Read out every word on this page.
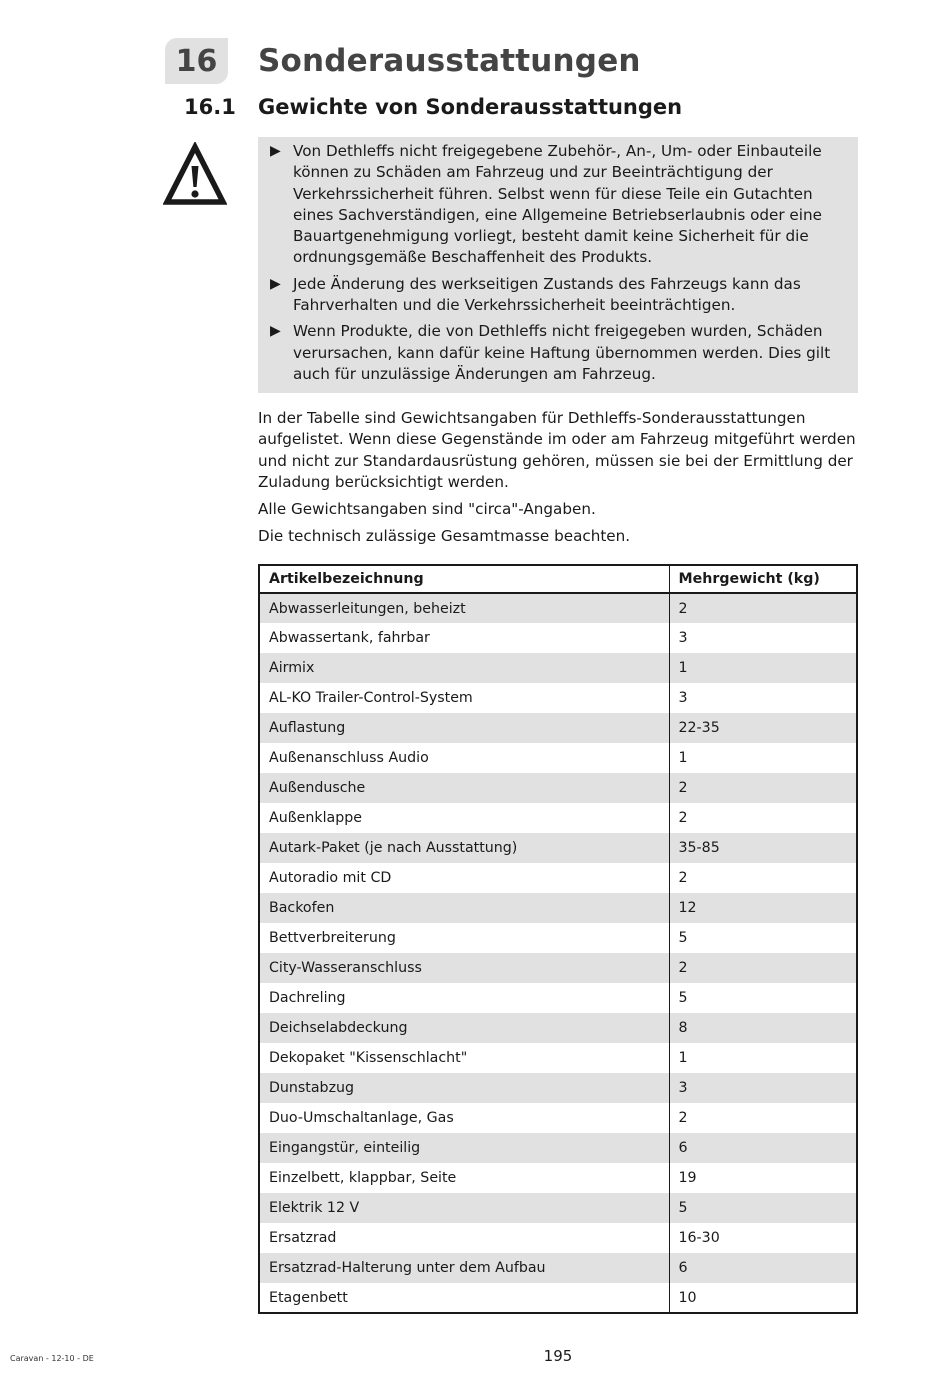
16	Sonderausstattungen
16.1 Gewichte von Sonderausstattungen
▶ Von Dethleffs nicht freigegebene Zubehör-, An-, Um- oder Einbauteile können zu Schäden am Fahrzeug und zur Beeinträchtigung der Verkehrssicherheit führen. Selbst wenn für diese Teile ein Gutachten eines Sachverständigen, eine Allgemeine Betriebserlaubnis oder eine Bauartgenehmigung vorliegt, besteht damit keine Sicherheit für die ordnungsgemäße Beschaffenheit des Produkts.
▶ Jede Änderung des werkseitigen Zustands des Fahrzeugs kann das Fahrverhalten und die Verkehrssicherheit beeinträchtigen.
▶ Wenn Produkte, die von Dethleffs nicht freigegeben wurden, Schäden verursachen, kann dafür keine Haftung übernommen werden. Dies gilt auch für unzulässige Änderungen am Fahrzeug.

In der Tabelle sind Gewichtsangaben für Dethleffs-Sonderausstattungen aufgelistet. Wenn diese Gegenstände im oder am Fahrzeug mitgeführt werden und nicht zur Standardausrüstung gehören, müssen sie bei der Ermittlung der Zuladung berücksichtigt werden.

Alle Gewichtsangaben sind "circa"-Angaben.

Die technisch zulässige Gesamtmasse beachten.

Artikelbezeichnung	Mehrgewicht (kg)
Abwasserleitungen, beheizt	2
Abwassertank, fahrbar	3
Airmix	1
AL-KO Trailer-Control-System	3
Auflastung	22-35
Außenanschluss Audio	1
Außendusche	2
Außenklappe	2
Autark-Paket (je nach Ausstattung)	35-85
Autoradio mit CD	2
Backofen	12
Bettverbreiterung	5
City-Wasseranschluss	2
Dachreling	5
Deichselabdeckung	8
Dekopaket "Kissenschlacht"	1
Dunstabzug	3
Duo-Umschaltanlage, Gas	2
Eingangstür, einteilig	6
Einzelbett, klappbar, Seite	19
Elektrik 12 V	5
Ersatzrad	16-30
Ersatzrad-Halterung unter dem Aufbau	6
Etagenbett	10
Caravan - 12-10 - DE	195
